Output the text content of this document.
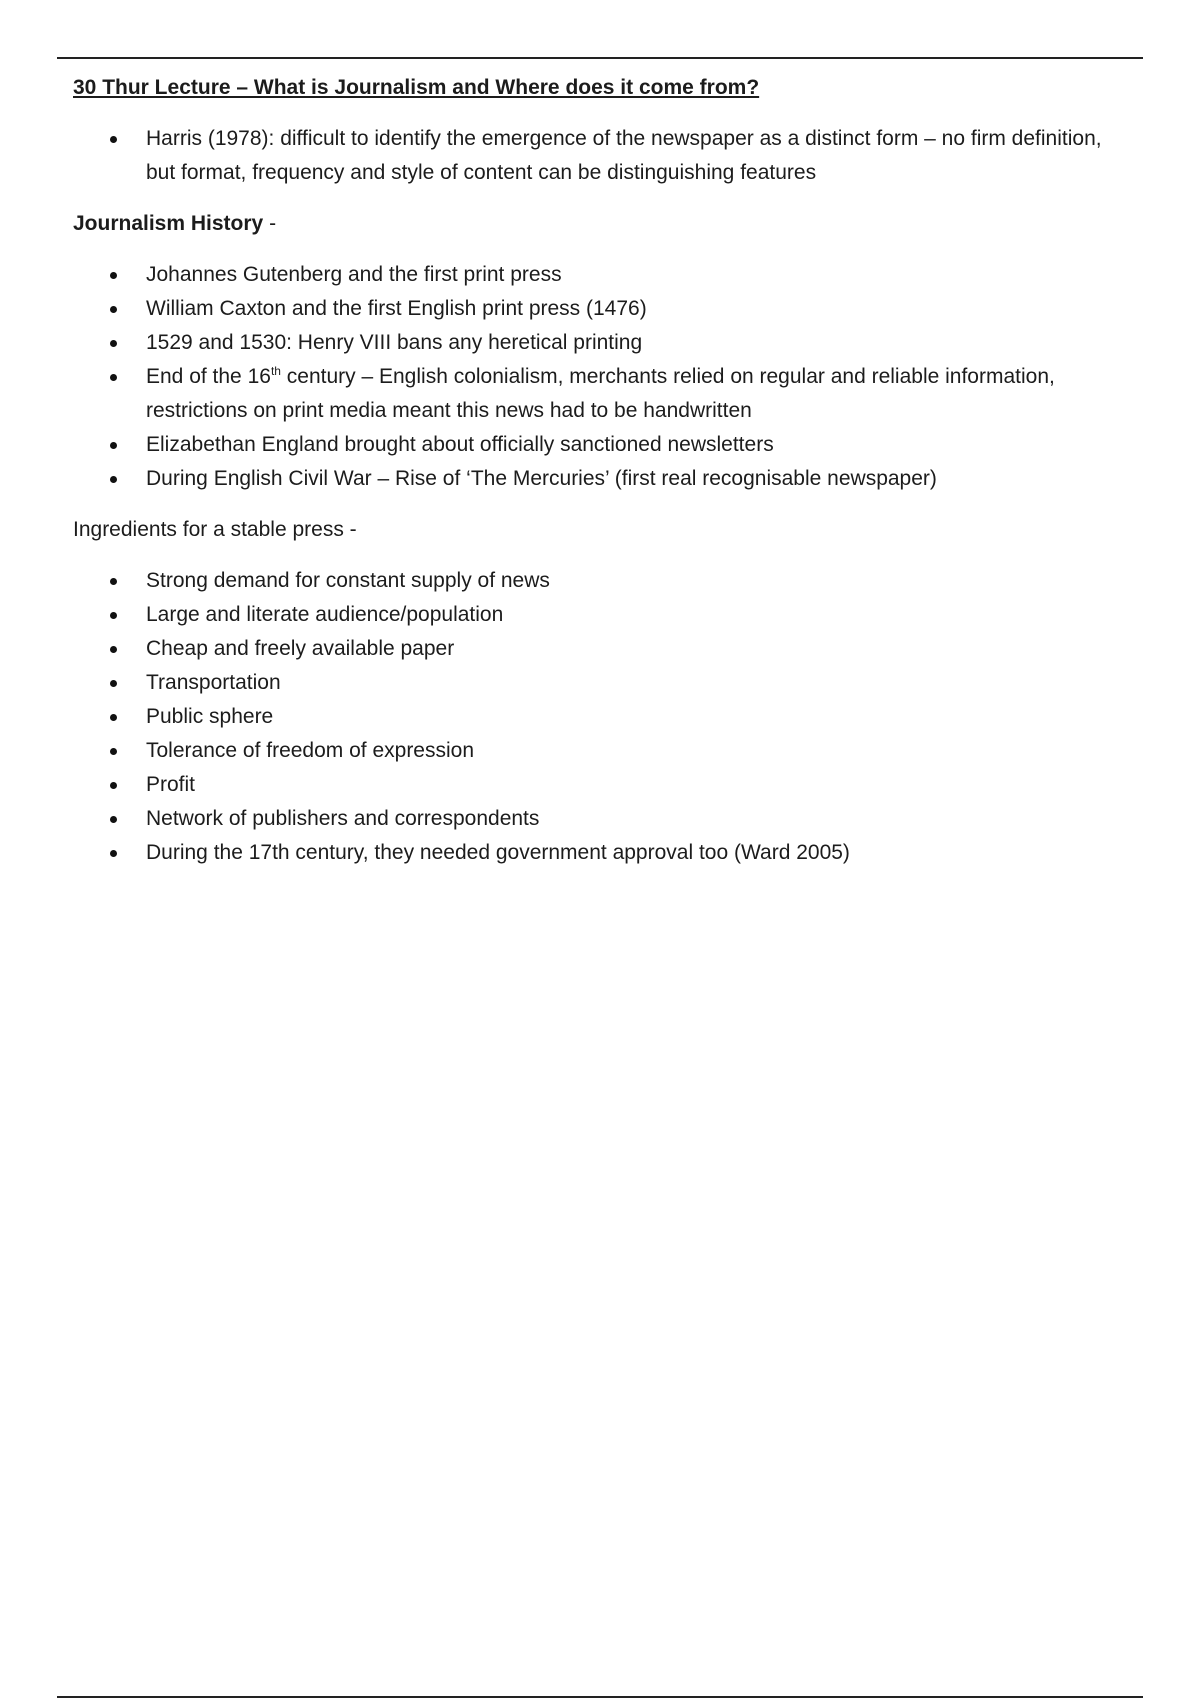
30 Thur Lecture – What is Journalism and Where does it come from?
Harris (1978): difficult to identify the emergence of the newspaper as a distinct form – no firm definition, but format, frequency and style of content can be distinguishing features
Journalism History -
Johannes Gutenberg and the first print press
William Caxton and the first English print press (1476)
1529 and 1530: Henry VIII bans any heretical printing
End of the 16th century – English colonialism, merchants relied on regular and reliable information, restrictions on print media meant this news had to be handwritten
Elizabethan England brought about officially sanctioned newsletters
During English Civil War – Rise of ‘The Mercuries’ (first real recognisable newspaper)
Ingredients for a stable press -
Strong demand for constant supply of news
Large and literate audience/population
Cheap and freely available paper
Transportation
Public sphere
Tolerance of freedom of expression
Profit
Network of publishers and correspondents
During the 17th century, they needed government approval too (Ward 2005)
